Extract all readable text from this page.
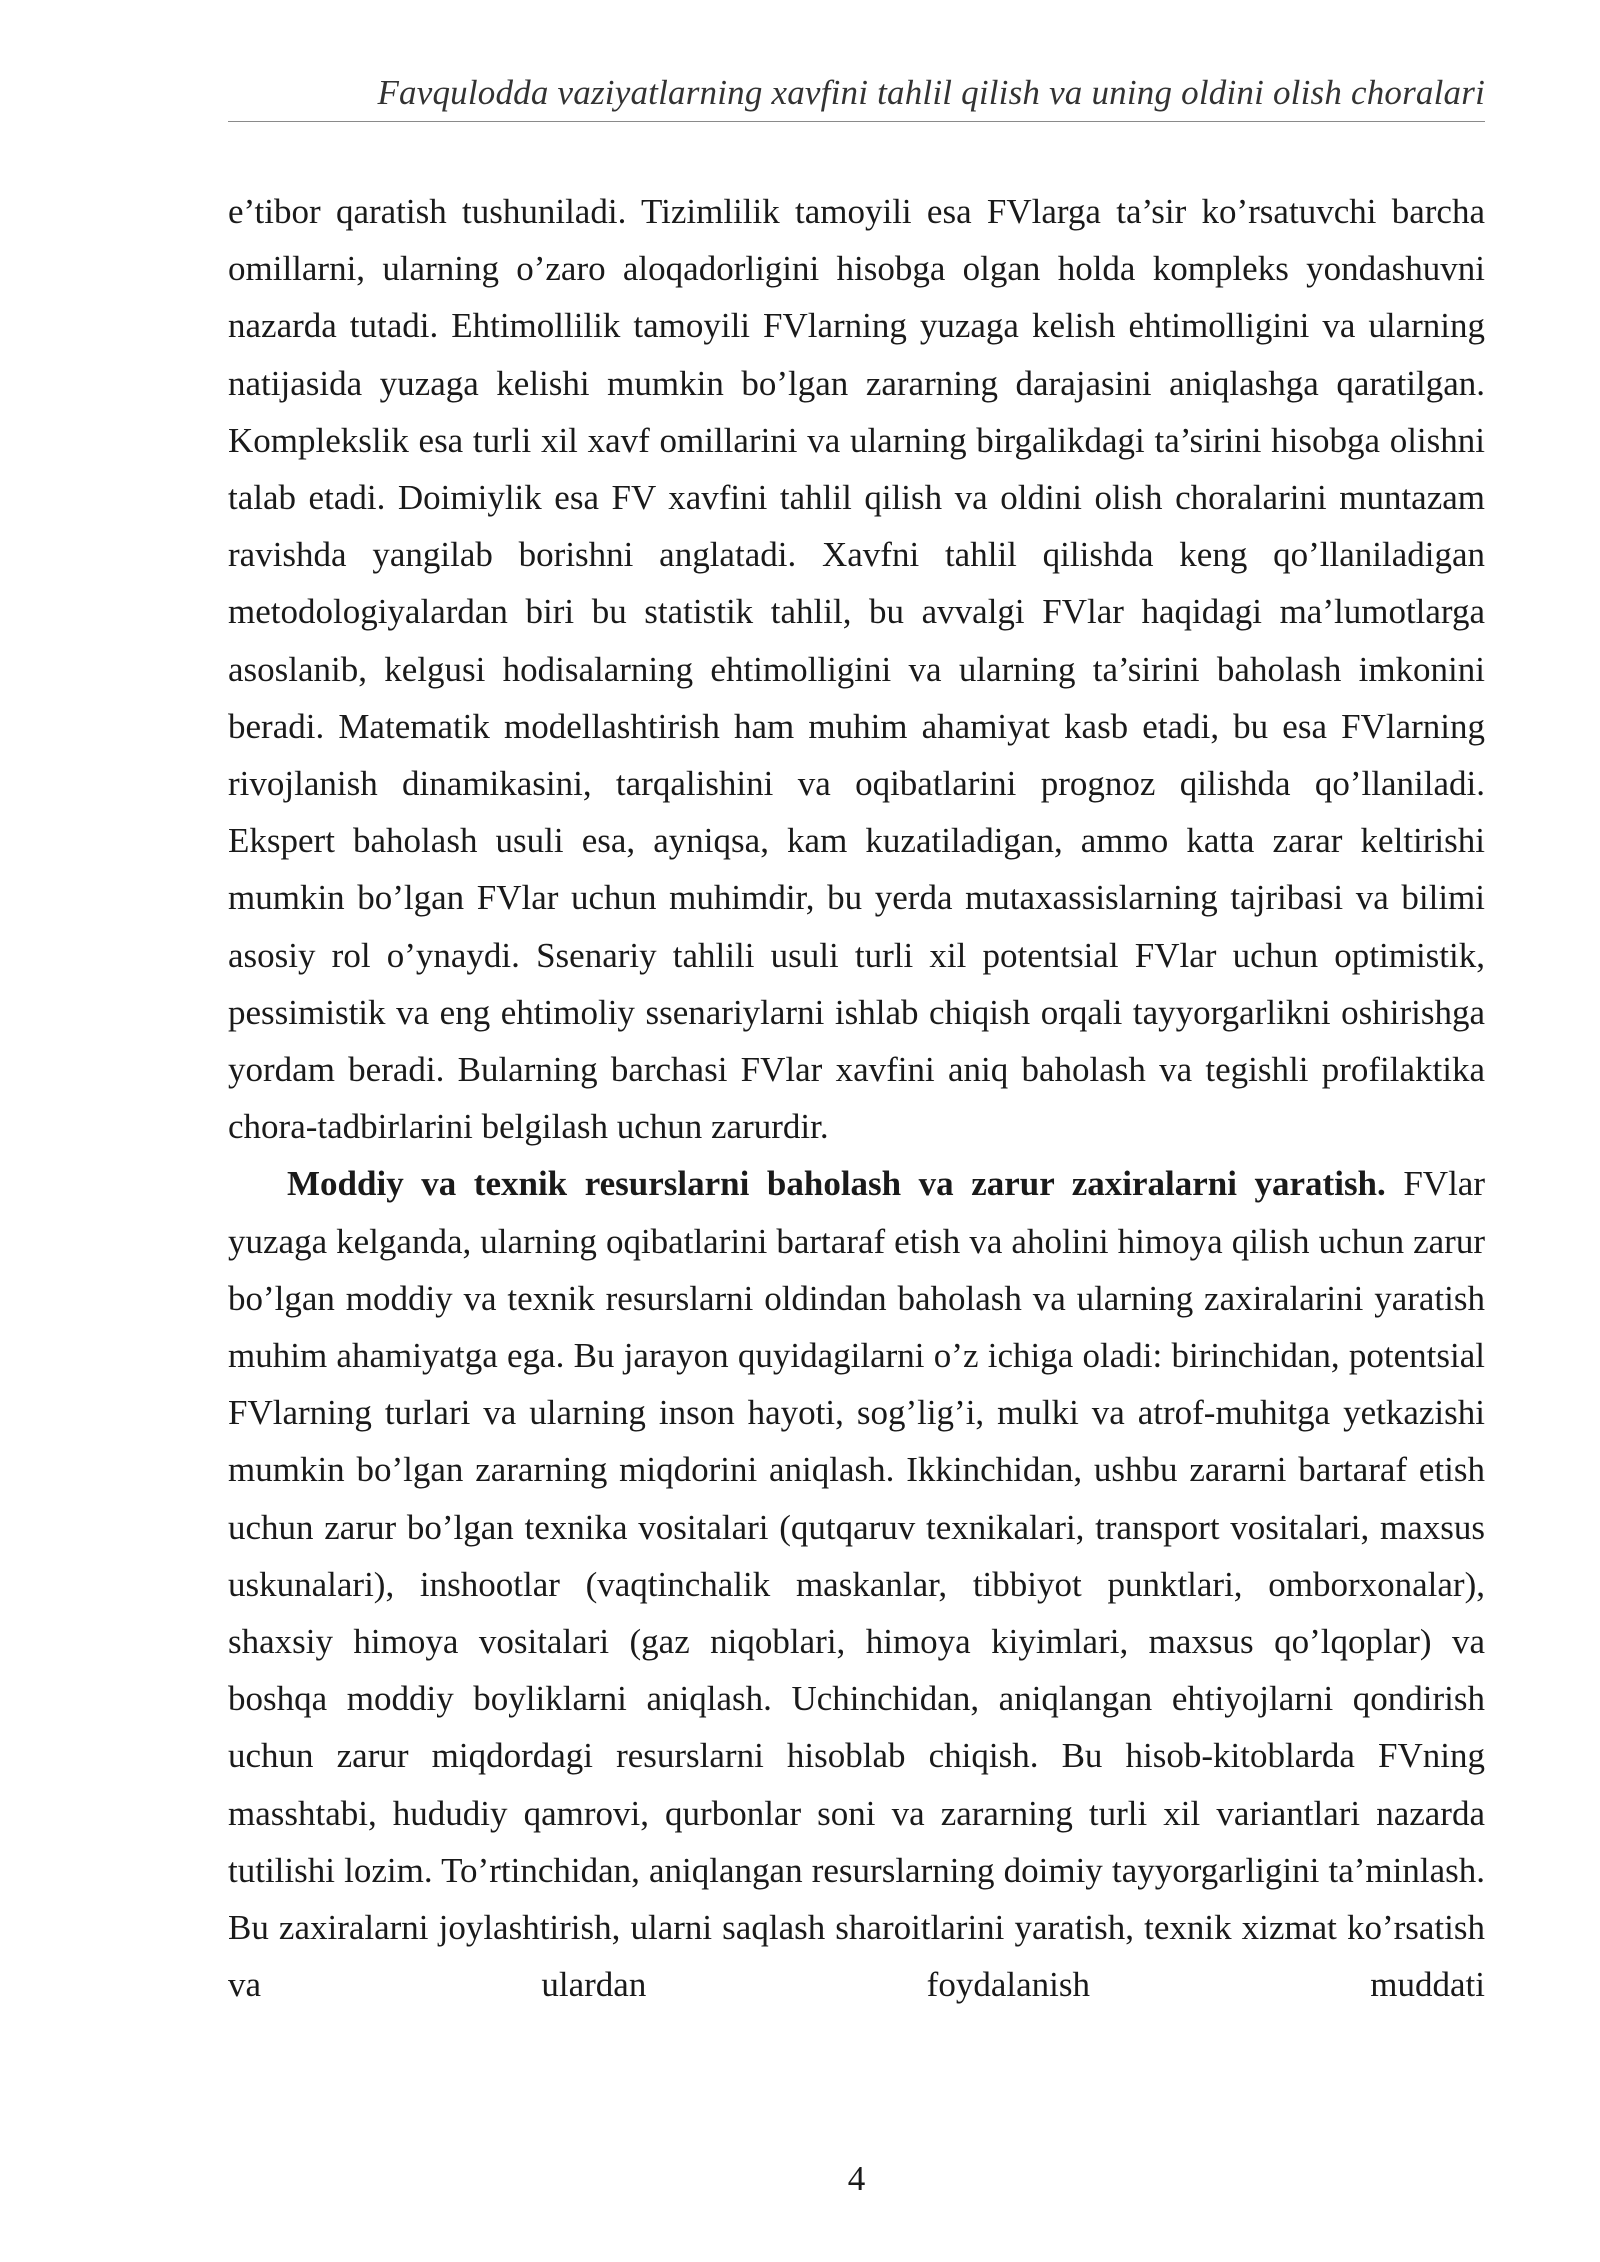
Favqulodda vaziyatlarning xavfini tahlil qilish va uning oldini olish choralari

e’tibor qaratish tushuniladi. Tizimlilik tamoyili esa FVlarga ta’sir ko’rsatuvchi barcha omillarni, ularning o’zaro aloqadorligini hisobga olgan holda kompleks yondashuvni nazarda tutadi. Ehtimollilik tamoyili FVlarning yuzaga kelish ehtimolligini va ularning natijasida yuzaga kelishi mumkin bo’lgan zararning darajasini aniqlashga qaratilgan. Komplekslik esa turli xil xavf omillarini va ularning birgalikdagi ta’sirini hisobga olishni talab etadi. Doimiylik esa FV xavfini tahlil qilish va oldini olish choralarini muntazam ravishda yangilab borishni anglatadi. Xavfni tahlil qilishda keng qo’llaniladigan metodologiyalardan biri bu statistik tahlil, bu avvalgi FVlar haqidagi ma’lumotlarga asoslanib, kelgusi hodisalarning ehtimolligini va ularning ta’sirini baholash imkonini beradi. Matematik modellashtirish ham muhim ahamiyat kasb etadi, bu esa FVlarning rivojlanish dinamikasini, tarqalishini va oqibatlarini prognoz qilishda qo’llaniladi. Ekspert baholash usuli esa, ayniqsa, kam kuzatiladigan, ammo katta zarar keltirishi mumkin bo’lgan FVlar uchun muhimdir, bu yerda mutaxassislarning tajribasi va bilimi asosiy rol o’ynaydi. Ssenariy tahlili usuli turli xil potentsial FVlar uchun optimistik, pessimistik va eng ehtimoliy ssenariylarni ishlab chiqish orqali tayyorgarlikni oshirishga yordam beradi. Bularning barchasi FVlar xavfini aniq baholash va tegishli profilaktika chora-tadbirlarini belgilash uchun zarurdir.

Moddiy va texnik resurslarni baholash va zarur zaxiralarni yaratish. FVlar yuzaga kelganda, ularning oqibatlarini bartaraf etish va aholini himoya qilish uchun zarur bo’lgan moddiy va texnik resurslarni oldindan baholash va ularning zaxiralarini yaratish muhim ahamiyatga ega. Bu jarayon quyidagilarni o’z ichiga oladi: birinchidan, potentsial FVlarning turlari va ularning inson hayoti, sog’lig’i, mulki va atrof-muhitga yetkazishi mumkin bo’lgan zararning miqdorini aniqlash. Ikkinchidan, ushbu zararni bartaraf etish uchun zarur bo’lgan texnika vositalari (qutqaruv texnikalari, transport vositalari, maxsus uskunalari), inshootlar (vaqtinchalik maskanlar, tibbiyot punktlari, omborxonalar), shaxsiy himoya vositalari (gaz niqoblari, himoya kiyimlari, maxsus qo’lqoplar) va boshqa moddiy boyliklarni aniqlash. Uchinchidan, aniqlangan ehtiyojlarni qondirish uchun zarur miqdordagi resurslarni hisoblab chiqish. Bu hisob-kitoblarda FVning masshtabi, hududiy qamrovi, qurbonlar soni va zararning turli xil variantlari nazarda tutilishi lozim. To’rtinchidan, aniqlangan resurslarning doimiy tayyorgarligini ta’minlash. Bu zaxiralarni joylashtirish, ularni saqlash sharoitlarini yaratish, texnik xizmat ko’rsatish va ulardan foydalanish muddati

4
